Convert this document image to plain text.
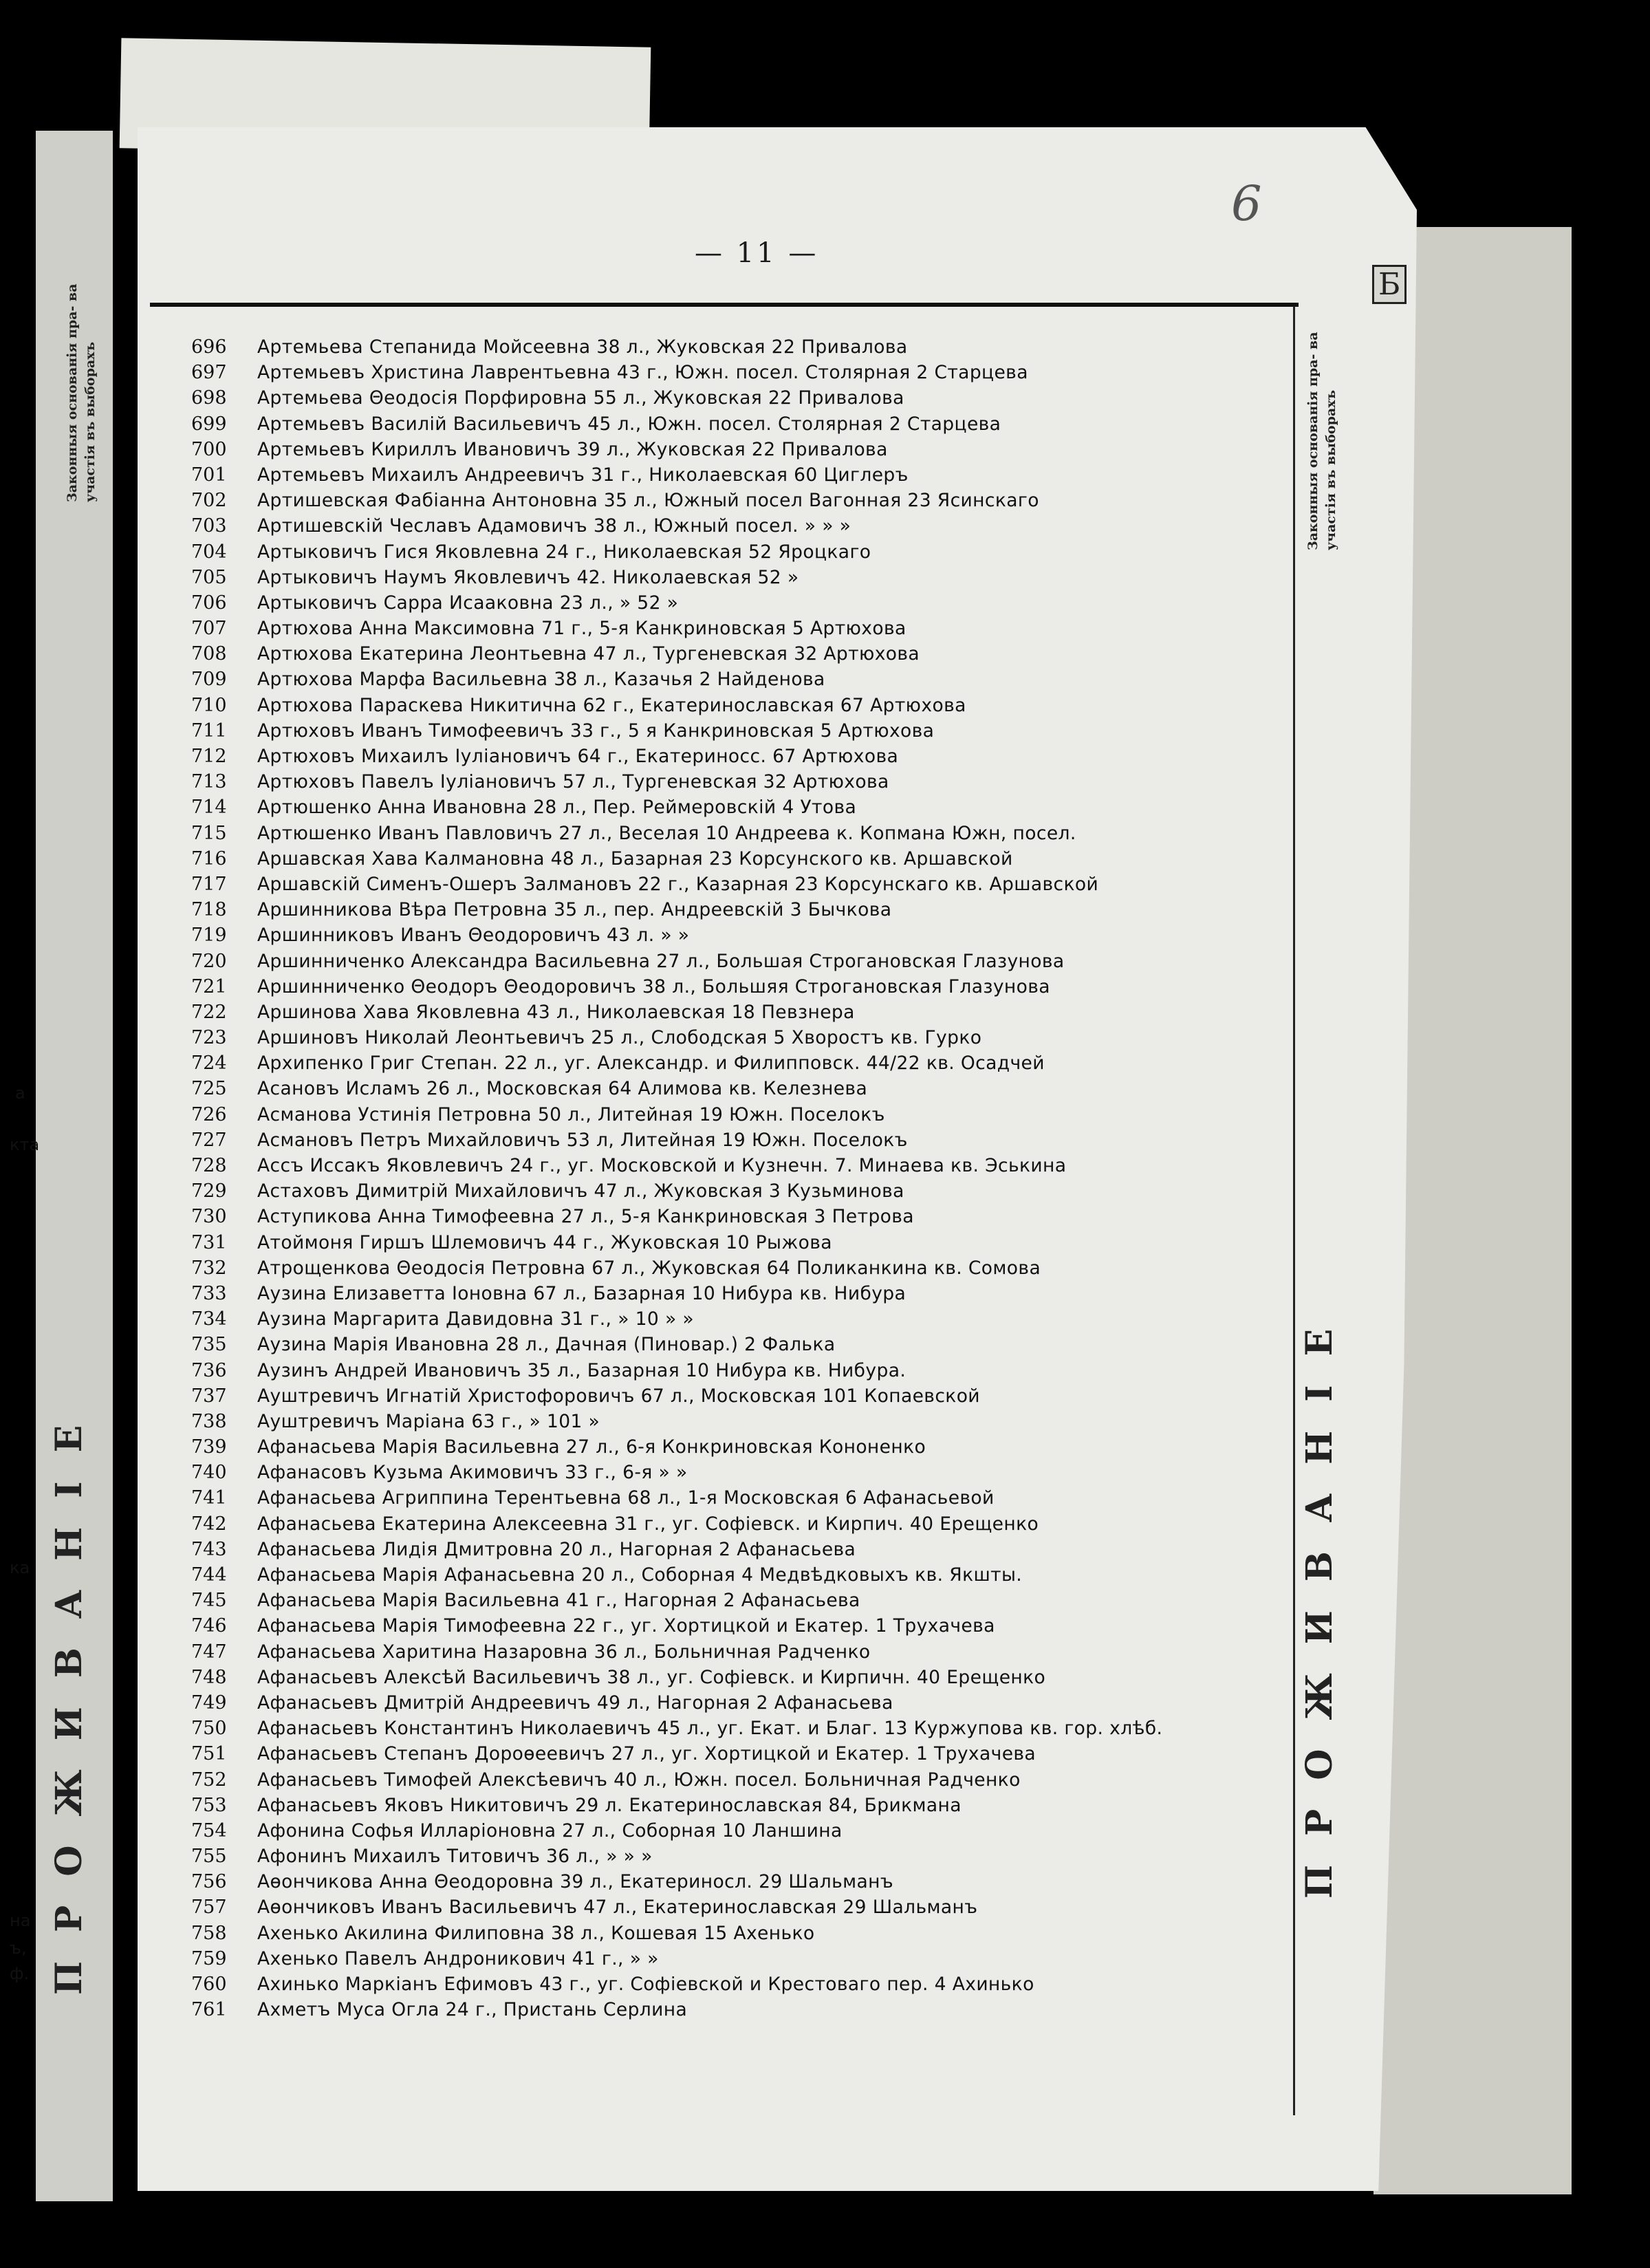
Законныя основанія пра- ва участія въ выборахъ
ПРОЖИВАНІЕ
а
кта
ка
на
ъ,
ф.
6
Б
— 11 —
Законныя основанія пра- ва участія въ выборахъ
ПРОЖИВАНІЕ
696	Артемьева Степанида Мойсеевна 38 л., Жуковская 22 Привалова
697	Артемьевъ Христина Лаврентьевна 43 г., Южн. посел. Столярная 2 Старцева
698	Артемьева Θеодосія Порфировна 55 л., Жуковская 22 Привалова
699	Артемьевъ Василій Васильевичъ 45 л., Южн. посел. Столярная 2 Старцева
700	Артемьевъ Кириллъ Ивановичъ 39 л., Жуковская 22 Привалова
701	Артемьевъ Михаилъ Андреевичъ 31 г., Николаевская 60 Циглеръ
702	Артишевская Фабіанна Антоновна 35 л., Южный посел Вагонная 23 Ясинскаго
703	Артишевскій Чеславъ Адамовичъ 38 л., Южный посел. » » »
704	Артыковичъ Гися Яковлевна 24 г., Николаевская 52 Яроцкаго
705	Артыковичъ Наумъ Яковлевичъ 42. Николаевская 52 »
706	Артыковичъ Сарра Исааковна 23 л., » 52 »
707	Артюхова Анна Максимовна 71 г., 5-я Канкриновская 5 Артюхова
708	Артюхова Екатерина Леонтьевна 47 л., Тургеневская 32 Артюхова
709	Артюхова Марфа Васильевна 38 л., Казачья 2 Найденова
710	Артюхова Параскева Никитична 62 г., Екатеринославская 67 Артюхова
711	Артюховъ Иванъ Тимофеевичъ 33 г., 5 я Канкриновская 5 Артюхова
712	Артюховъ Михаилъ Іуліановичъ 64 г., Екатериносс. 67 Артюхова
713	Артюховъ Павелъ Іуліановичъ 57 л., Тургеневская 32 Артюхова
714	Артюшенко Анна Ивановна 28 л., Пер. Реймеровскій 4 Утова
715	Артюшенко Иванъ Павловичъ 27 л., Веселая 10 Андреева к. Копмана Южн, посел.
716	Аршавская Хава Калмановна 48 л., Базарная 23 Корсунского кв. Аршавской
717	Аршавскій Сименъ-Ошеръ Залмановъ 22 г., Казарная 23 Корсунскаго кв. Аршавской
718	Аршинникова Вѣра Петровна 35 л., пер. Андреевскій 3 Бычкова
719	Аршинниковъ Иванъ Θеодоровичъ 43 л. » »
720	Аршинниченко Александра Васильевна 27 л., Большая Строгановская Глазунова
721	Аршинниченко Θеодоръ Θеодоровичъ 38 л., Большяя Строгановская Глазунова
722	Аршинова Хава Яковлевна 43 л., Николаевская 18 Певзнера
723	Аршиновъ Николай Леонтьевичъ 25 л., Слободская 5 Хворостъ кв. Гурко
724	Архипенко Григ Степан. 22 л., уг. Александр. и Филипповск. 44/22 кв. Осадчей
725	Асановъ Исламъ 26 л., Московская 64 Алимова кв. Келезнева
726	Асманова Устинія Петровна 50 л., Литейная 19 Южн. Поселокъ
727	Асмановъ Петръ Михайловичъ 53 л, Литейная 19 Южн. Поселокъ
728	Ассъ Иссакъ Яковлевичъ 24 г., уг. Московской и Кузнечн. 7. Минаева кв. Эськина
729	Астаховъ Димитрій Михайловичъ 47 л., Жуковская 3 Кузьминова
730	Аступикова Анна Тимофеевна 27 л., 5-я Канкриновская 3 Петрова
731	Атоймоня Гиршъ Шлемовичъ 44 г., Жуковская 10 Рыжова
732	Атрощенкова Θеодосія Петровна 67 л., Жуковская 64 Поликанкина кв. Сомова
733	Аузина Елизаветта Іоновна 67 л., Базарная 10 Нибура кв. Нибура
734	Аузина Маргарита Давидовна 31 г., » 10 » »
735	Аузина Марія Ивановна 28 л., Дачная (Пиновар.) 2 Фалька
736	Аузинъ Андрей Ивановичъ 35 л., Базарная 10 Нибура кв. Нибура.
737	Ауштревичъ Игнатій Христофоровичъ 67 л., Московская 101 Копаевской
738	Ауштревичъ Маріана 63 г., » 101 »
739	Афанасьева Марія Васильевна 27 л., 6-я Конкриновская Кононенко
740	Афанасовъ Кузьма Акимовичъ 33 г., 6-я » »
741	Афанасьева Агриппина Терентьевна 68 л., 1-я Московская 6 Афанасьевой
742	Афанасьева Екатерина Алексеевна 31 г., уг. Софіевск. и Кирпич. 40 Ерещенко
743	Афанасьева Лидія Дмитровна 20 л., Нагорная 2 Афанасьева
744	Афанасьева Марія Афанасьевна 20 л., Соборная 4 Медвѣдковыхъ кв. Якшты.
745	Афанасьева Марія Васильевна 41 г., Нагорная 2 Афанасьева
746	Афанасьева Марія Тимофеевна 22 г., уг. Хортицкой и Екатер. 1 Трухачева
747	Афанасьева Харитина Назаровна 36 л., Больничная Радченко
748	Афанасьевъ Алексѣй Васильевичъ 38 л., уг. Софіевск. и Кирпичн. 40 Ерещенко
749	Афанасьевъ Дмитрій Андреевичъ 49 л., Нагорная 2 Афанасьева
750	Афанасьевъ Константинъ Николаевичъ 45 л., уг. Екат. и Благ. 13 Куржупова кв. гор. хлѣб.
751	Афанасьевъ Степанъ Дороѳеевичъ 27 л., уг. Хортицкой и Екатер. 1 Трухачева
752	Афанасьевъ Тимофей Алексѣевичъ 40 л., Южн. посел. Больничная Радченко
753	Афанасьевъ Яковъ Никитовичъ 29 л. Екатеринославская 84, Брикмана
754	Афонина Софья Илларіоновна 27 л., Соборная 10 Ланшина
755	Афонинъ Михаилъ Титовичъ 36 л., » » »
756	Аѳончикова Анна Θеодоровна 39 л., Екатериносл. 29 Шальманъ
757	Аѳончиковъ Иванъ Васильевичъ 47 л., Екатеринославская 29 Шальманъ
758	Ахенько Акилина Филиповна 38 л., Кошевая 15 Ахенько
759	Ахенько Павелъ Андроникович 41 г., » »
760	Ахинько Маркіанъ Ефимовъ 43 г., уг. Софіевской и Крестоваго пер. 4 Ахинько
761	Ахметъ Муса Огла 24 г., Пристань Серлина
